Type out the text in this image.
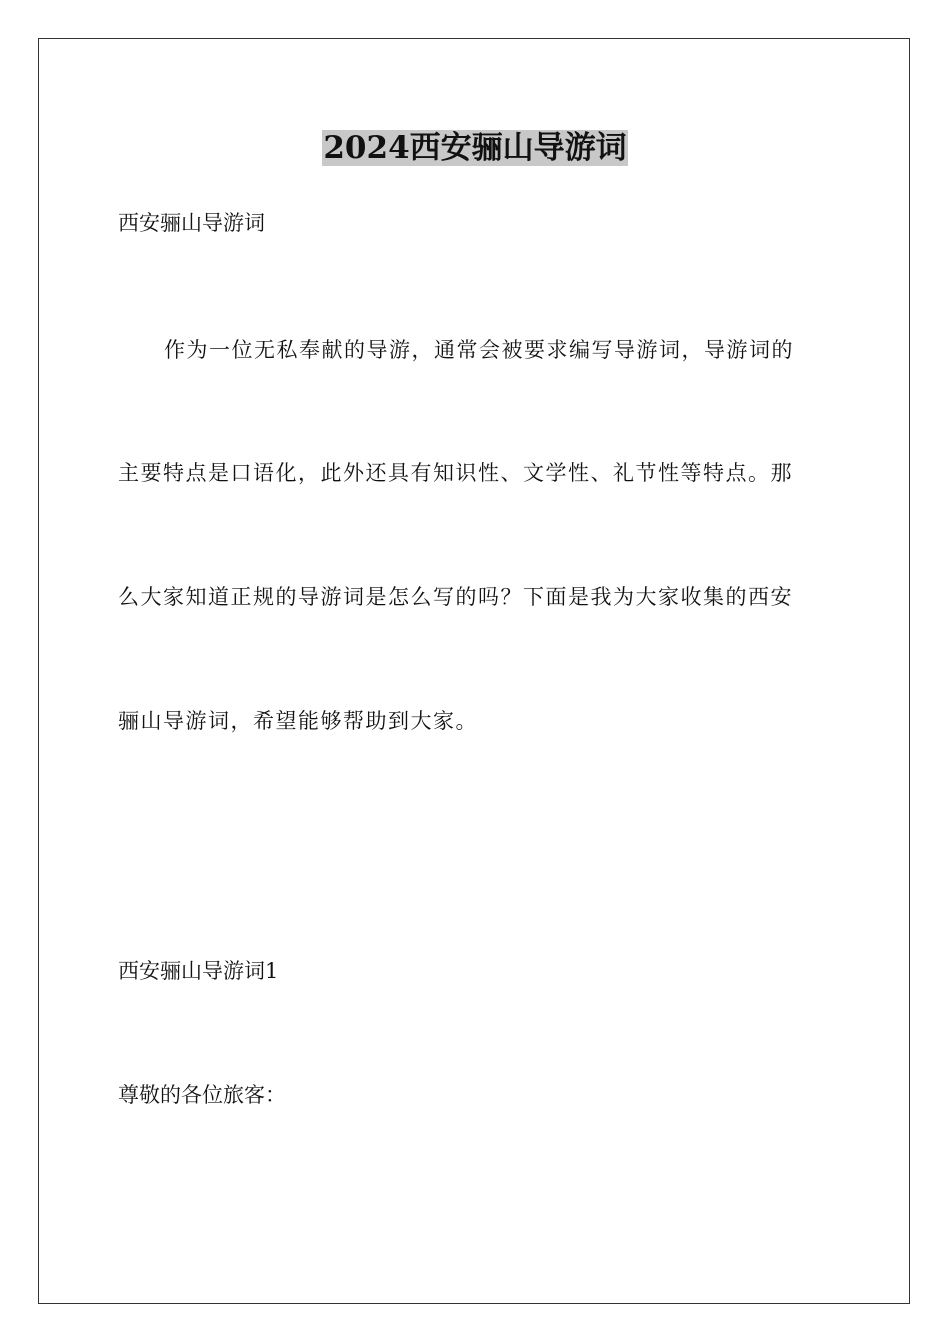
2024西安骊山导游词
西安骊山导游词
作为一位无私奉献的导游，通常会被要求编写导游词，导游词的
主要特点是口语化，此外还具有知识性、文学性、礼节性等特点。那
么大家知道正规的导游词是怎么写的吗？下面是我为大家收集的西安
骊山导游词，希望能够帮助到大家。
西安骊山导游词1
尊敬的各位旅客：
